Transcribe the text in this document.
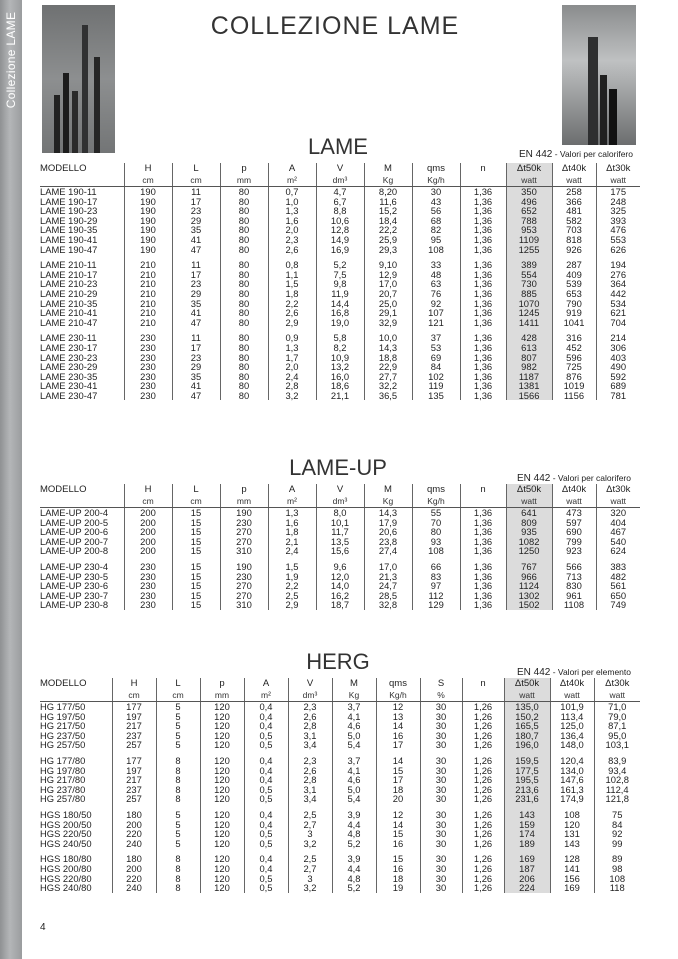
Collezione LAME	COLLEZIONE LAME
LAME	EN 442 - Valori per calorifero
MODELLO	H	L	p	A	V	M	qms	n	Δt50k	Δt40k	Δt30k
	cm	cm	mm	m²	dm³	Kg	Kg/h		watt	watt	watt
LAME 190-11	190	11	80	0,7	4,7	8,20	30	1,36	350	258	175
LAME 190-17	190	17	80	1,0	6,7	11,6	43	1,36	496	366	248
LAME 190-23	190	23	80	1,3	8,8	15,2	56	1,36	652	481	325
LAME 190-29	190	29	80	1,6	10,6	18,4	68	1,36	788	582	393
LAME 190-35	190	35	80	2,0	12,8	22,2	82	1,36	953	703	476
LAME 190-41	190	41	80	2,3	14,9	25,9	95	1,36	1109	818	553
LAME 190-47	190	47	80	2,6	16,9	29,3	108	1,36	1255	926	626

LAME 210-11	210	11	80	0,8	5,2	9,10	33	1,36	389	287	194
LAME 210-17	210	17	80	1,1	7,5	12,9	48	1,36	554	409	276
LAME 210-23	210	23	80	1,5	9,8	17,0	63	1,36	730	539	364
LAME 210-29	210	29	80	1,8	11,9	20,7	76	1,36	885	653	442
LAME 210-35	210	35	80	2,2	14,4	25,0	92	1,36	1070	790	534
LAME 210-41	210	41	80	2,6	16,8	29,1	107	1,36	1245	919	621
LAME 210-47	210	47	80	2,9	19,0	32,9	121	1,36	1411	1041	704

LAME 230-11	230	11	80	0,9	5,8	10,0	37	1,36	428	316	214
LAME 230-17	230	17	80	1,3	8,2	14,3	53	1,36	613	452	306
LAME 230-23	230	23	80	1,7	10,9	18,8	69	1,36	807	596	403
LAME 230-29	230	29	80	2,0	13,2	22,9	84	1,36	982	725	490
LAME 230-35	230	35	80	2,4	16,0	27,7	102	1,36	1187	876	592
LAME 230-41	230	41	80	2,8	18,6	32,2	119	1,36	1381	1019	689
LAME 230-47	230	47	80	3,2	21,1	36,5	135	1,36	1566	1156	781
LAME-UP	EN 442 - Valori per calorifero
MODELLO	H	L	p	A	V	M	qms	n	Δt50k	Δt40k	Δt30k
	cm	cm	mm	m²	dm³	Kg	Kg/h		watt	watt	watt
LAME-UP 200-4	200	15	190	1,3	8,0	14,3	55	1,36	641	473	320
LAME-UP 200-5	200	15	230	1,6	10,1	17,9	70	1,36	809	597	404
LAME-UP 200-6	200	15	270	1,8	11,7	20,6	80	1,36	935	690	467
LAME-UP 200-7	200	15	270	2,1	13,5	23,8	93	1,36	1082	799	540
LAME-UP 200-8	200	15	310	2,4	15,6	27,4	108	1,36	1250	923	624

LAME-UP 230-4	230	15	190	1,5	9,6	17,0	66	1,36	767	566	383
LAME-UP 230-5	230	15	230	1,9	12,0	21,3	83	1,36	966	713	482
LAME-UP 230-6	230	15	270	2,2	14,0	24,7	97	1,36	1124	830	561
LAME-UP 230-7	230	15	270	2,5	16,2	28,5	112	1,36	1302	961	650
LAME-UP 230-8	230	15	310	2,9	18,7	32,8	129	1,36	1502	1108	749
HERG	EN 442 - Valori per elemento
MODELLO	H	L	p	A	V	M	qms	S	n	Δt50k	Δt40k	Δt30k
	cm	cm	mm	m²	dm³	Kg	Kg/h	%		watt	watt	watt
HG 177/50	177	5	120	0,4	2,3	3,7	12	30	1,26	135,0	101,9	71,0
HG 197/50	197	5	120	0,4	2,6	4,1	13	30	1,26	150,2	113,4	79,0
HG 217/50	217	5	120	0,4	2,8	4,6	14	30	1,26	165,5	125,0	87,1
HG 237/50	237	5	120	0,5	3,1	5,0	16	30	1,26	180,7	136,4	95,0
HG 257/50	257	5	120	0,5	3,4	5,4	17	30	1,26	196,0	148,0	103,1

HG 177/80	177	8	120	0,4	2,3	3,7	14	30	1,26	159,5	120,4	83,9
HG 197/80	197	8	120	0,4	2,6	4,1	15	30	1,26	177,5	134,0	93,4
HG 217/80	217	8	120	0,4	2,8	4,6	17	30	1,26	195,5	147,6	102,8
HG 237/80	237	8	120	0,5	3,1	5,0	18	30	1,26	213,6	161,3	112,4
HG 257/80	257	8	120	0,5	3,4	5,4	20	30	1,26	231,6	174,9	121,8

HGS 180/50	180	5	120	0,4	2,5	3,9	12	30	1,26	143	108	75
HGS 200/50	200	5	120	0,4	2,7	4,4	14	30	1,26	159	120	84
HGS 220/50	220	5	120	0,5	3	4,8	15	30	1,26	174	131	92
HGS 240/50	240	5	120	0,5	3,2	5,2	16	30	1,26	189	143	99

HGS 180/80	180	8	120	0,4	2,5	3,9	15	30	1,26	169	128	89
HGS 200/80	200	8	120	0,4	2,7	4,4	16	30	1,26	187	141	98
HGS 220/80	220	8	120	0,5	3	4,8	18	30	1,26	206	156	108
HGS 240/80	240	8	120	0,5	3,2	5,2	19	30	1,26	224	169	118
4
